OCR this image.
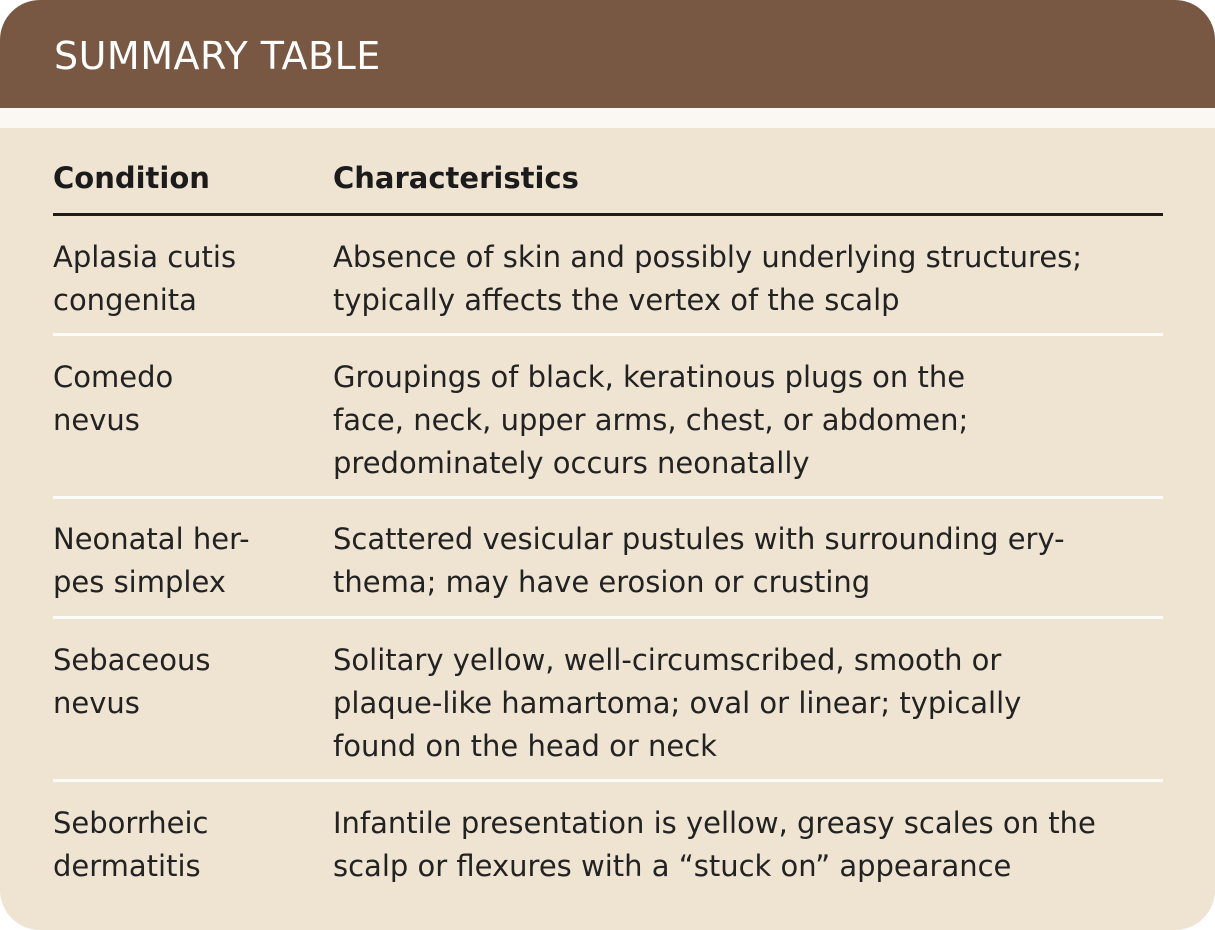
SUMMARY TABLE
Condition	Characteristics
Aplasia cutis
congenita
Absence of skin and possibly underlying structures;
typically affects the vertex of the scalp
Comedo
nevus
Groupings of black, keratinous plugs on the
face, neck, upper arms, chest, or abdomen;
predominately occurs neonatally
Neonatal her-
pes simplex
Scattered vesicular pustules with surrounding ery-
thema; may have erosion or crusting
Sebaceous
nevus
Solitary yellow, well-circumscribed, smooth or
plaque-like hamartoma; oval or linear; typically
found on the head or neck
Seborrheic
dermatitis
Infantile presentation is yellow, greasy scales on the
scalp or flexures with a “stuck on” appearance
